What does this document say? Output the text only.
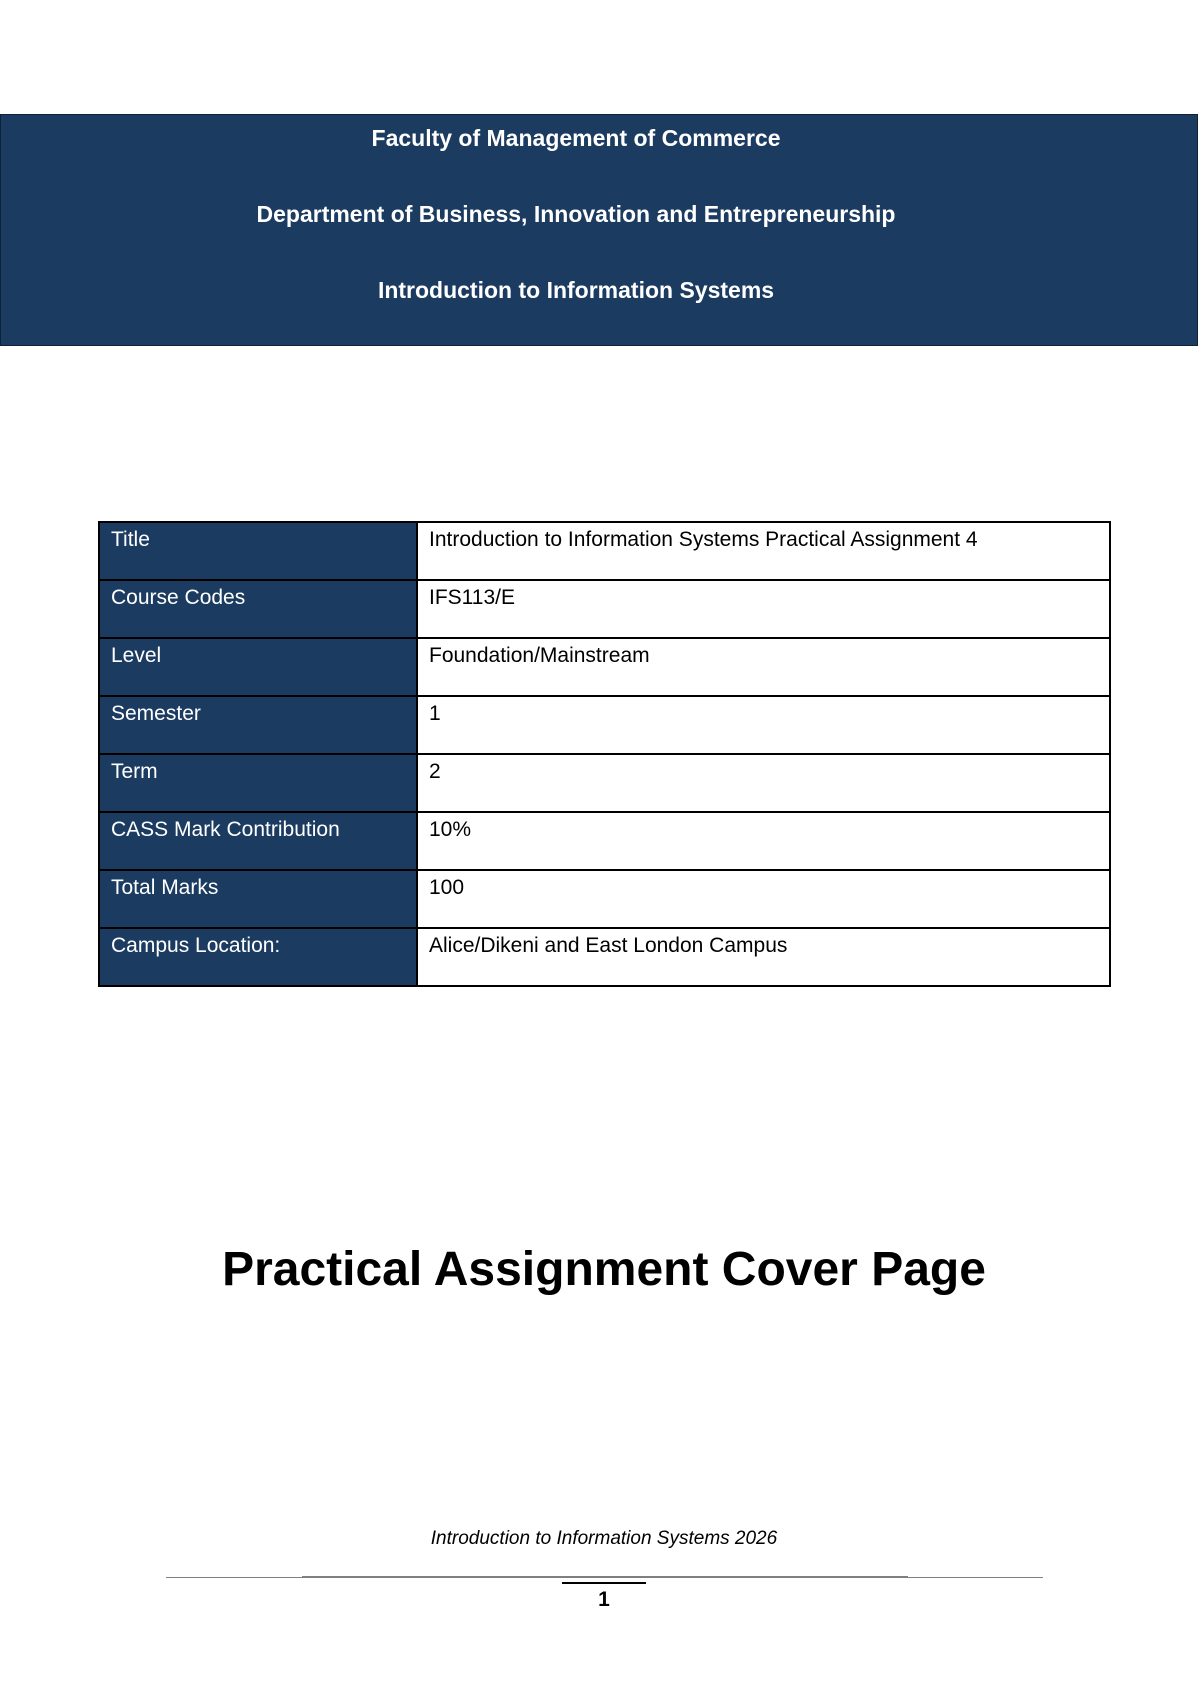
Faculty of Management of Commerce
Department of Business, Innovation and Entrepreneurship
Introduction to Information Systems
Title	Introduction to Information Systems Practical Assignment 4
Course Codes	IFS113/E
Level	Foundation/Mainstream
Semester	1
Term	2
CASS Mark Contribution	10%
Total Marks	100
Campus Location:	Alice/Dikeni and East London Campus
Practical Assignment Cover Page
Introduction to Information Systems 2026
1
